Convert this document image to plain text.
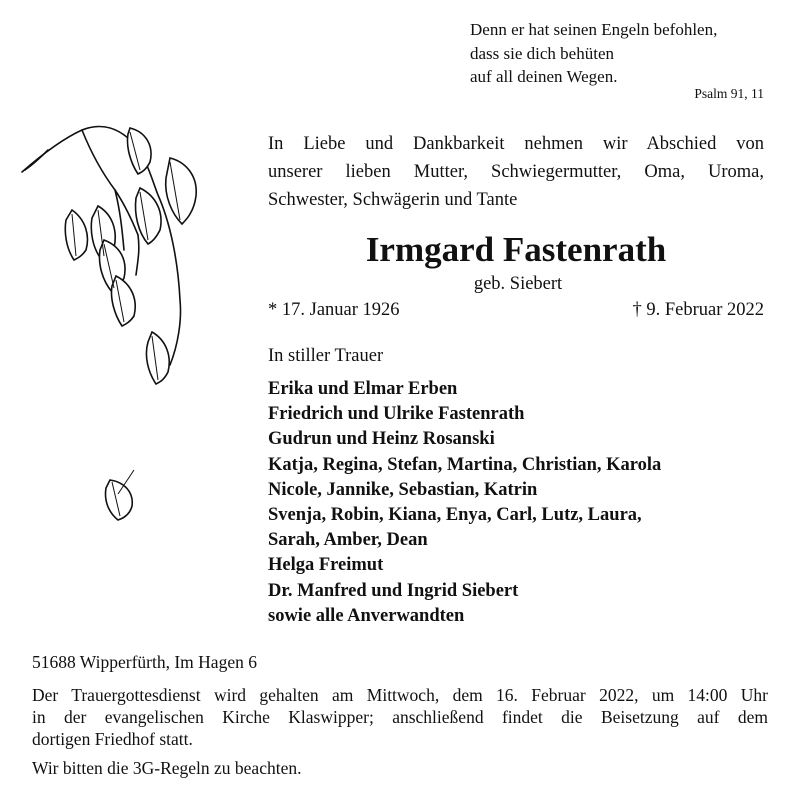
Denn er hat seinen Engeln befohlen,
dass sie dich behüten
auf all deinen Wegen.
Psalm 91, 11
In Liebe und Dankbarkeit nehmen wir Abschied von
unserer lieben Mutter, Schwiegermutter, Oma, Uroma,
Schwester, Schwägerin und Tante
Irmgard Fastenrath
geb. Siebert
* 17. Januar 1926	† 9. Februar 2022
In stiller Trauer
Erika und Elmar Erben
Friedrich und Ulrike Fastenrath
Gudrun und Heinz Rosanski
Katja, Regina, Stefan, Martina, Christian, Karola
Nicole, Jannike, Sebastian, Katrin
Svenja, Robin, Kiana, Enya, Carl, Lutz, Laura,
Sarah, Amber, Dean
Helga Freimut
Dr. Manfred und Ingrid Siebert
sowie alle Anverwandten
51688 Wipperfürth, Im Hagen 6
Der Trauergottesdienst wird gehalten am Mittwoch, dem 16. Februar 2022, um 14:00 Uhr
in der evangelischen Kirche Klaswipper; anschließend findet die Beisetzung auf dem
dortigen Friedhof statt.
Wir bitten die 3G-Regeln zu beachten.
